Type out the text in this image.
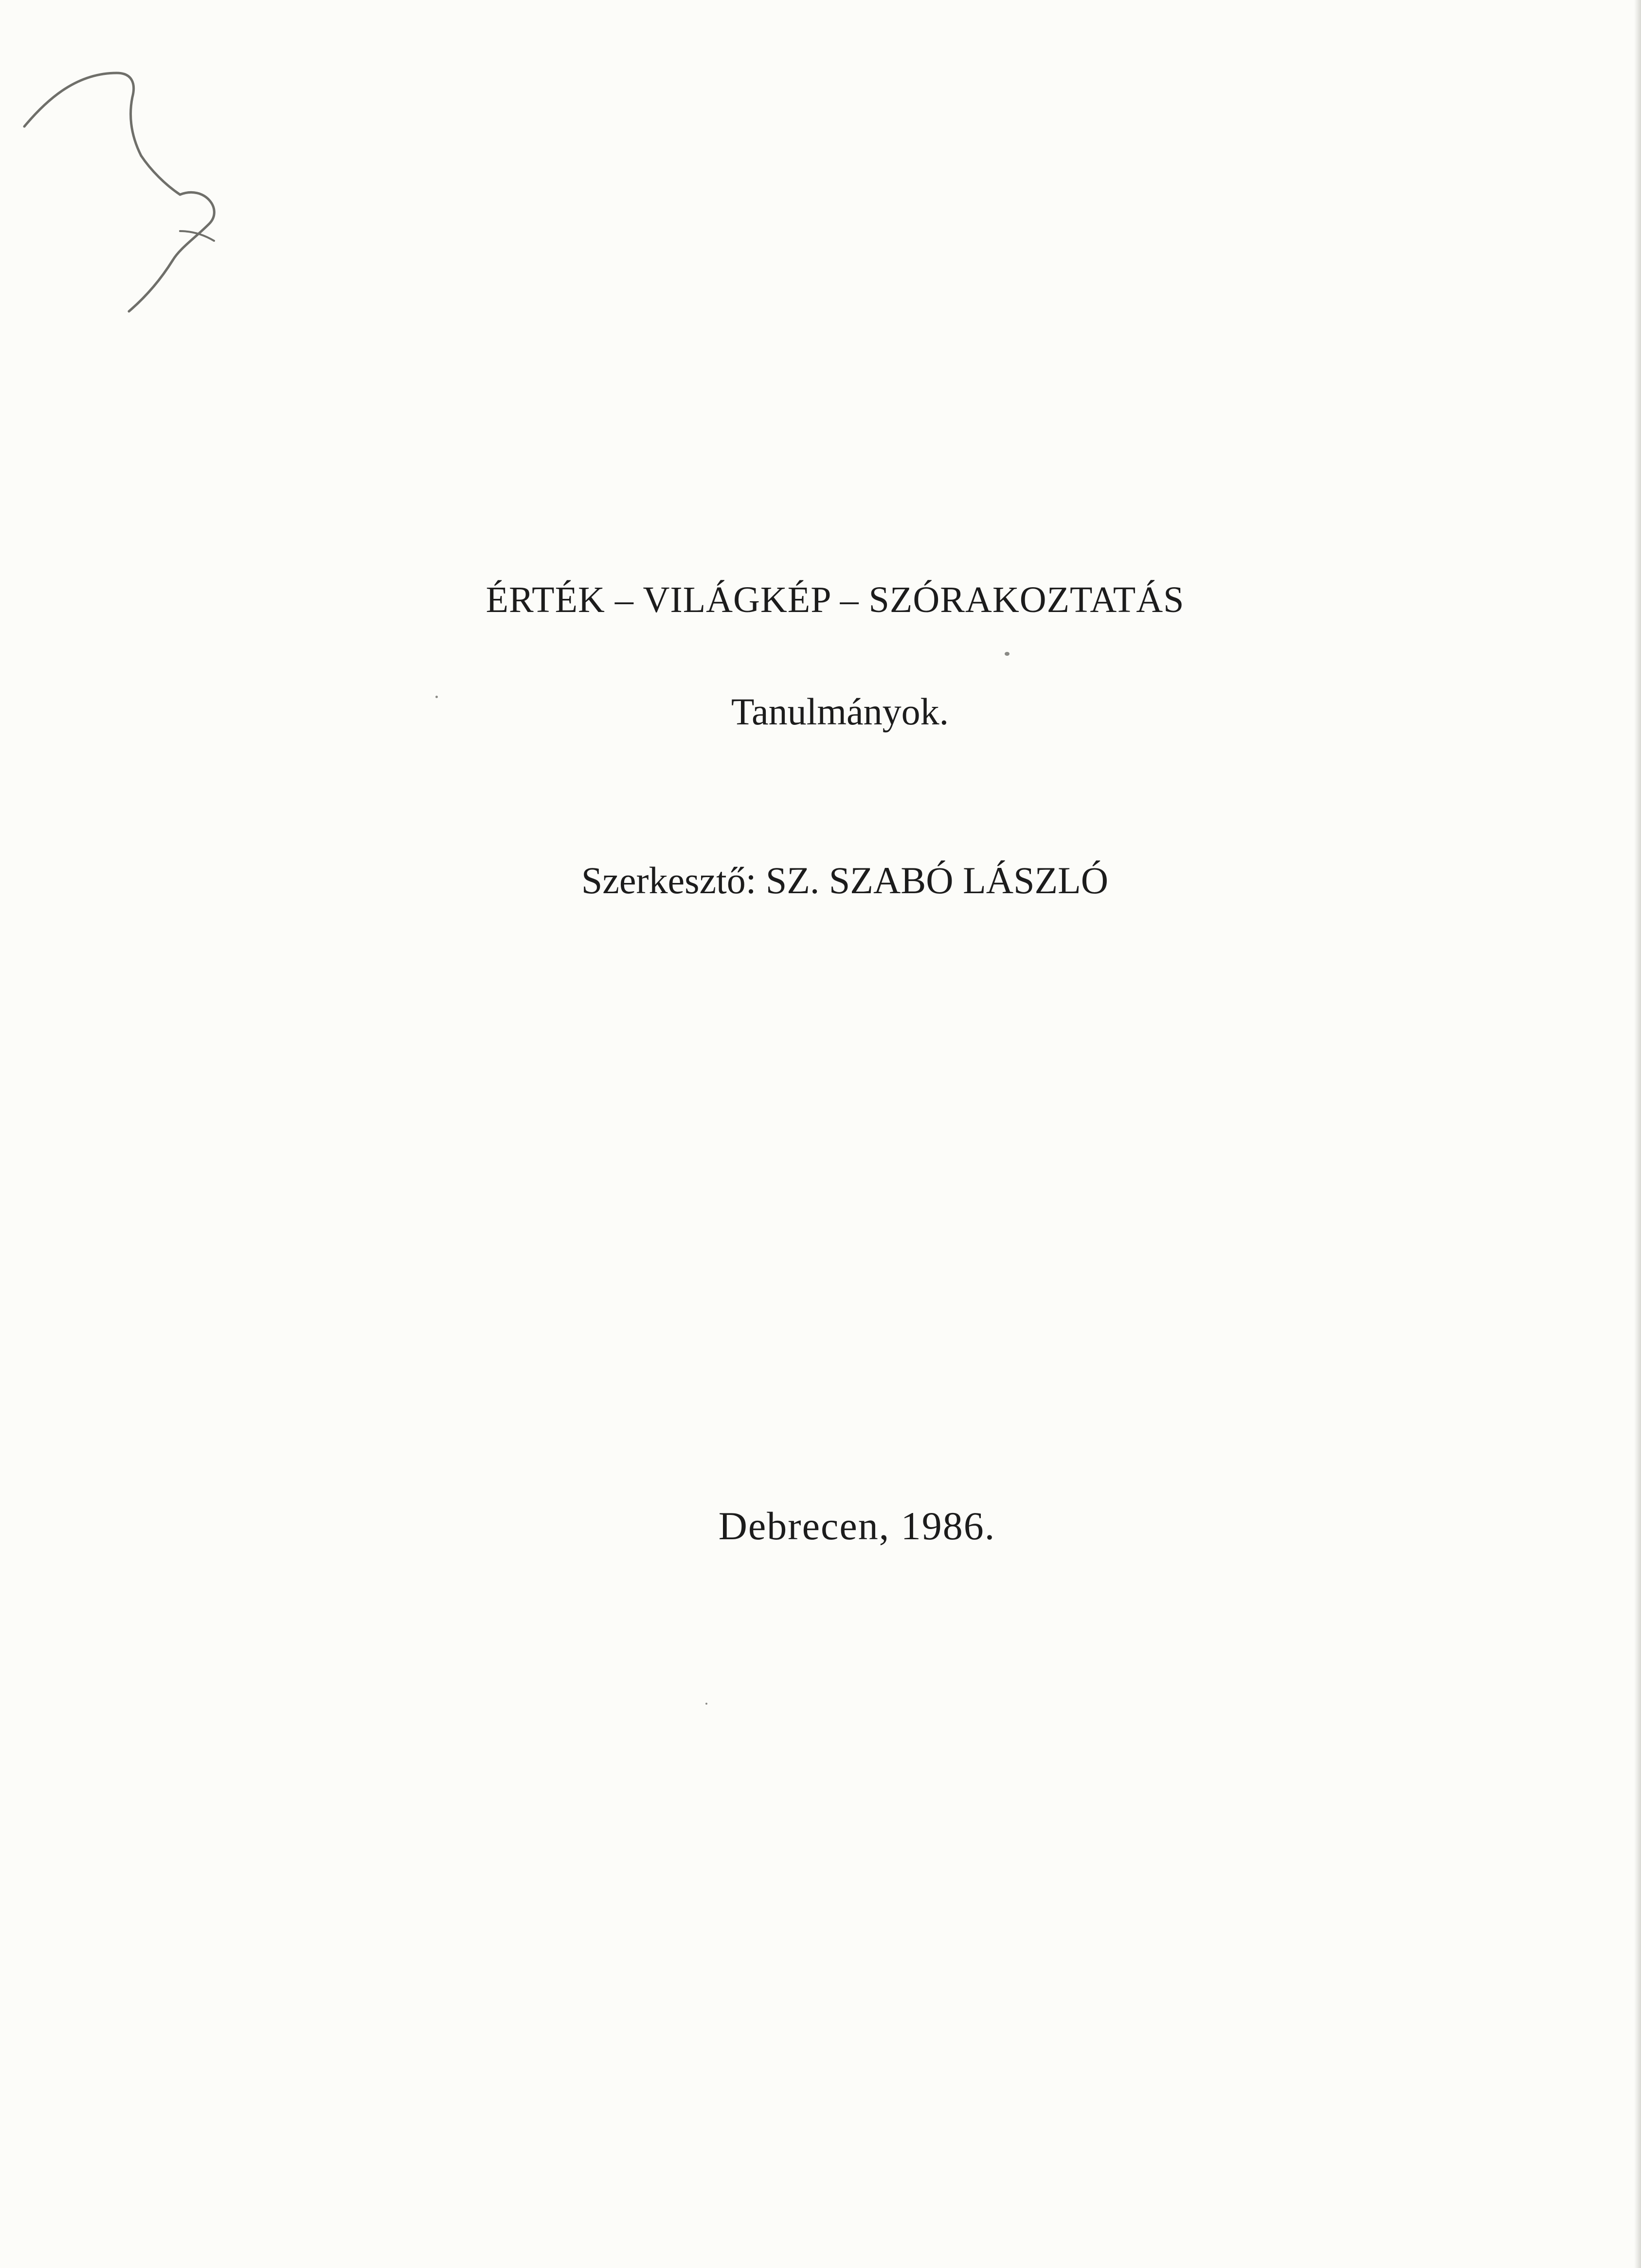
ÉRTÉK – VILÁGKÉP – SZÓRAKOZTATÁS
Tanulmányok.
Szerkesztő: SZ. SZABÓ LÁSZLÓ
Debrecen, 1986.
